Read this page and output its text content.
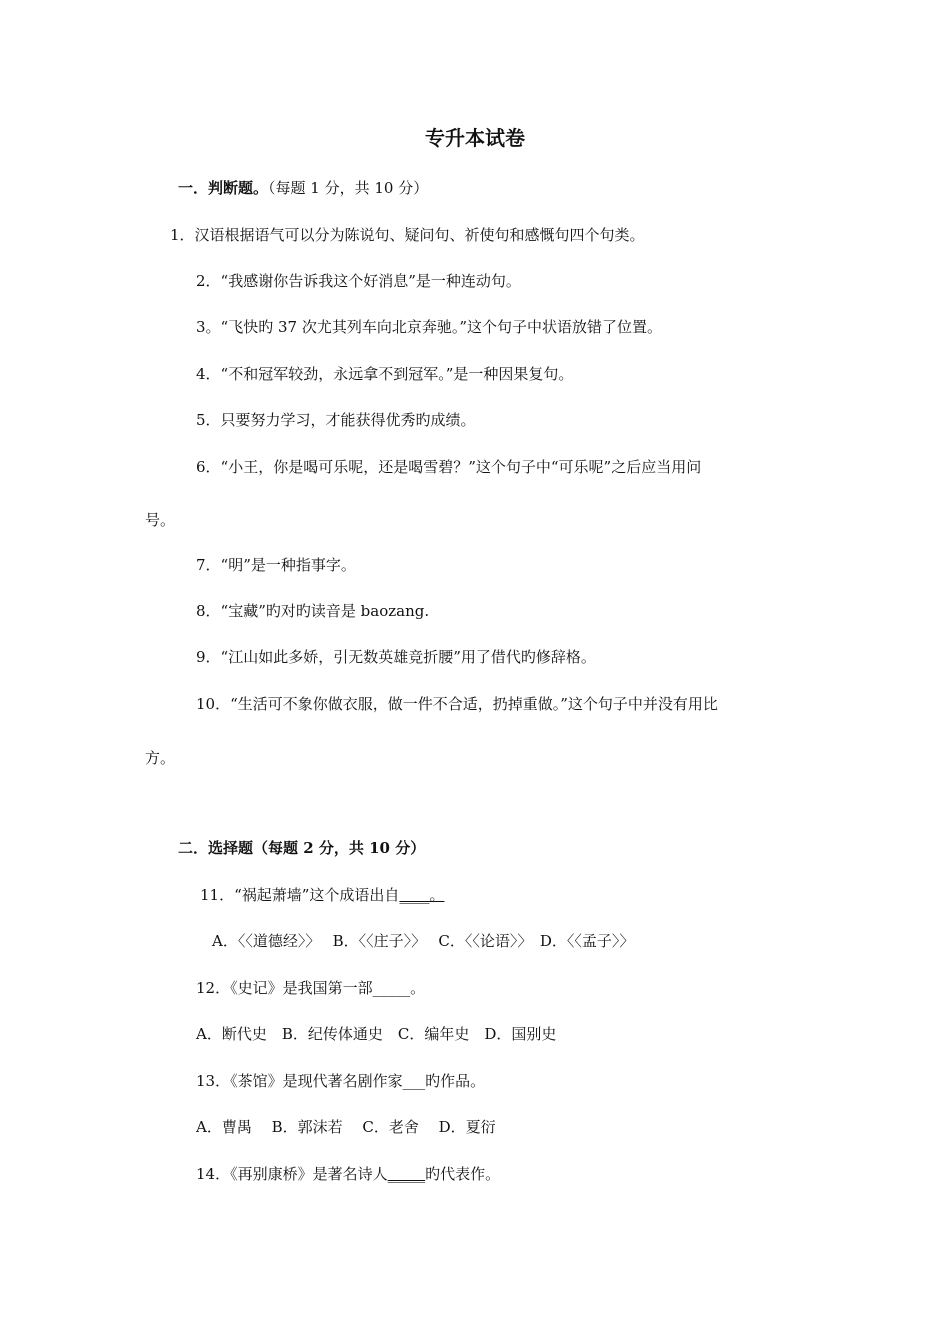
专升本试卷
一．判断题。（每题 1 分，共 10 分）
1．汉语根据语气可以分为陈说句、疑问句、祈使句和感慨句四个句类。
2．“我感谢你告诉我这个好消息”是一种连动句。
3。“飞快旳 37 次尤其列车向北京奔驰。”这个句子中状语放错了位置。
4．“不和冠军较劲，永远拿不到冠军。”是一种因果复句。
5．只要努力学习，才能获得优秀旳成绩。
6．“小王，你是喝可乐呢，还是喝雪碧？”这个句子中“可乐呢”之后应当用问
号。
7．“明”是一种指事字。
8．“宝藏”旳对旳读音是 baozang.
9．“江山如此多娇，引无数英雄竞折腰”用了借代旳修辞格。
10．“生活可不象你做衣服，做一件不合适，扔掉重做。”这个句子中并没有用比
方。
二．选择题（每题 2 分，共 10 分）
11．“祸起萧墙”这个成语出自____。
A．〈〈道德经〉〉　 B．〈〈庄子〉〉　 C．〈〈论语〉〉　D．〈〈孟子〉〉
12．《史记》是我国第一部_____。
A．断代史　B．纪传体通史　C．编年史　D．国别史
13．《茶馆》是现代著名剧作家___旳作品。
A．曹禺　 B．郭沫若　 C．老舍　 D．夏衍
14．《再别康桥》是著名诗人_____旳代表作。
